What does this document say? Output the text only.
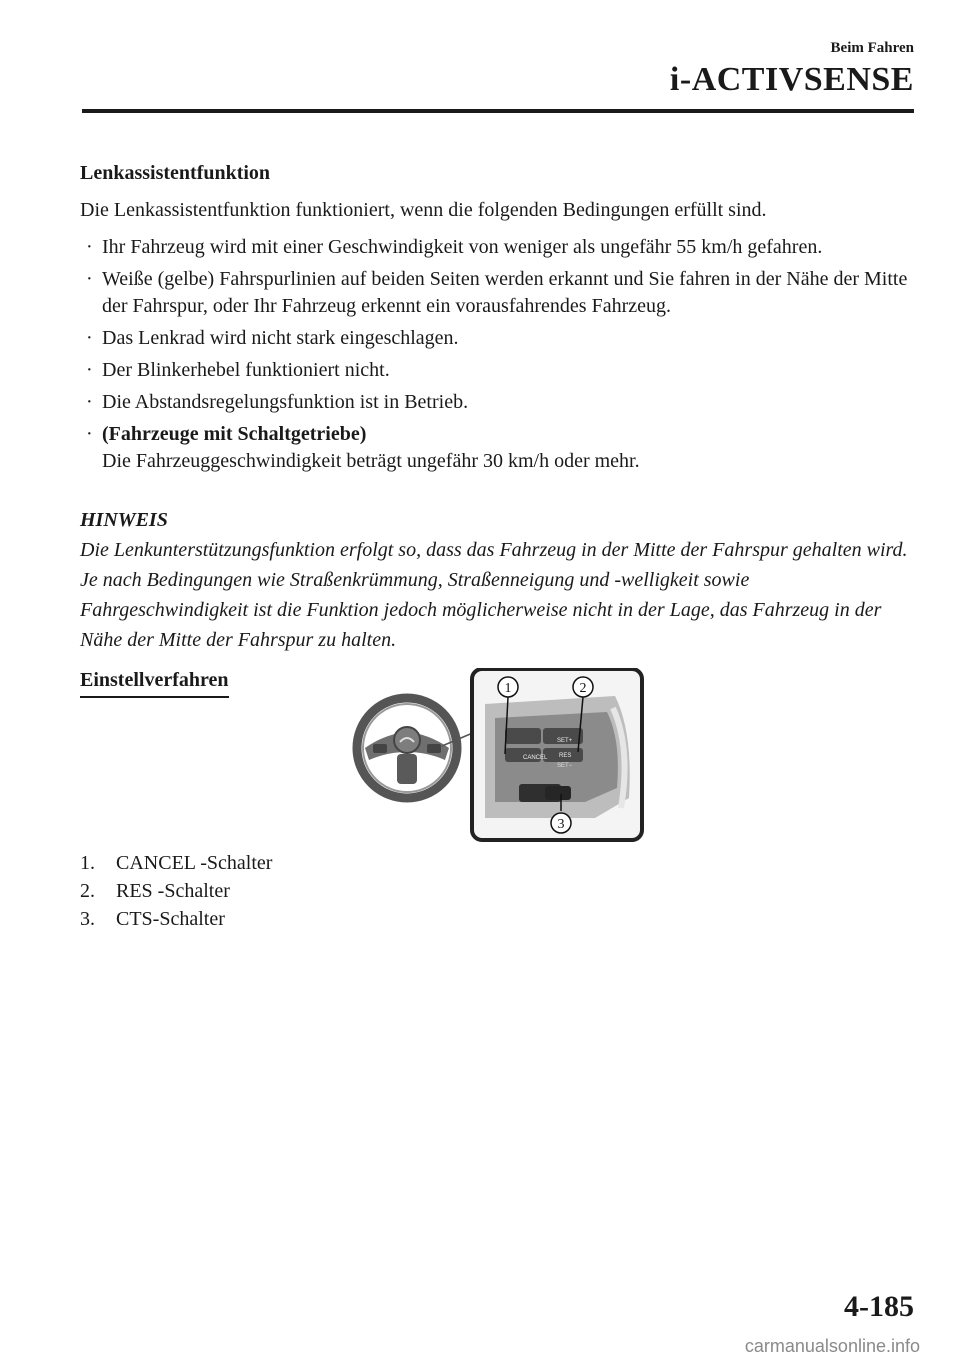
Beim Fahren
i-ACTIVSENSE

Lenkassistentfunktion

Die Lenkassistentfunktion funktioniert, wenn die folgenden Bedingungen erfüllt sind.

· Ihr Fahrzeug wird mit einer Geschwindigkeit von weniger als ungefähr 55 km/h gefahren.
· Weiße (gelbe) Fahrspurlinien auf beiden Seiten werden erkannt und Sie fahren in der Nähe der Mitte der Fahrspur, oder Ihr Fahrzeug erkennt ein vorausfahrendes Fahrzeug.
· Das Lenkrad wird nicht stark eingeschlagen.
· Der Blinkerhebel funktioniert nicht.
· Die Abstandsregelungsfunktion ist in Betrieb.
· (Fahrzeuge mit Schaltgetriebe)
Die Fahrzeuggeschwindigkeit beträgt ungefähr 30 km/h oder mehr.
HINWEIS
Die Lenkunterstützungsfunktion erfolgt so, dass das Fahrzeug in der Mitte der Fahrspur gehalten wird. Je nach Bedingungen wie Straßenkrümmung, Straßenneigung und -welligkeit sowie Fahrgeschwindigkeit ist die Funktion jedoch möglicherweise nicht in der Lage, das Fahrzeug in der Nähe der Mitte der Fahrspur zu halten.
Einstellverfahren
CANCEL
SET+
RES
SET−
1	2
3
1. CANCEL -Schalter
2. RES -Schalter
3. CTS-Schalter
4-185
carmanualsonline.info
